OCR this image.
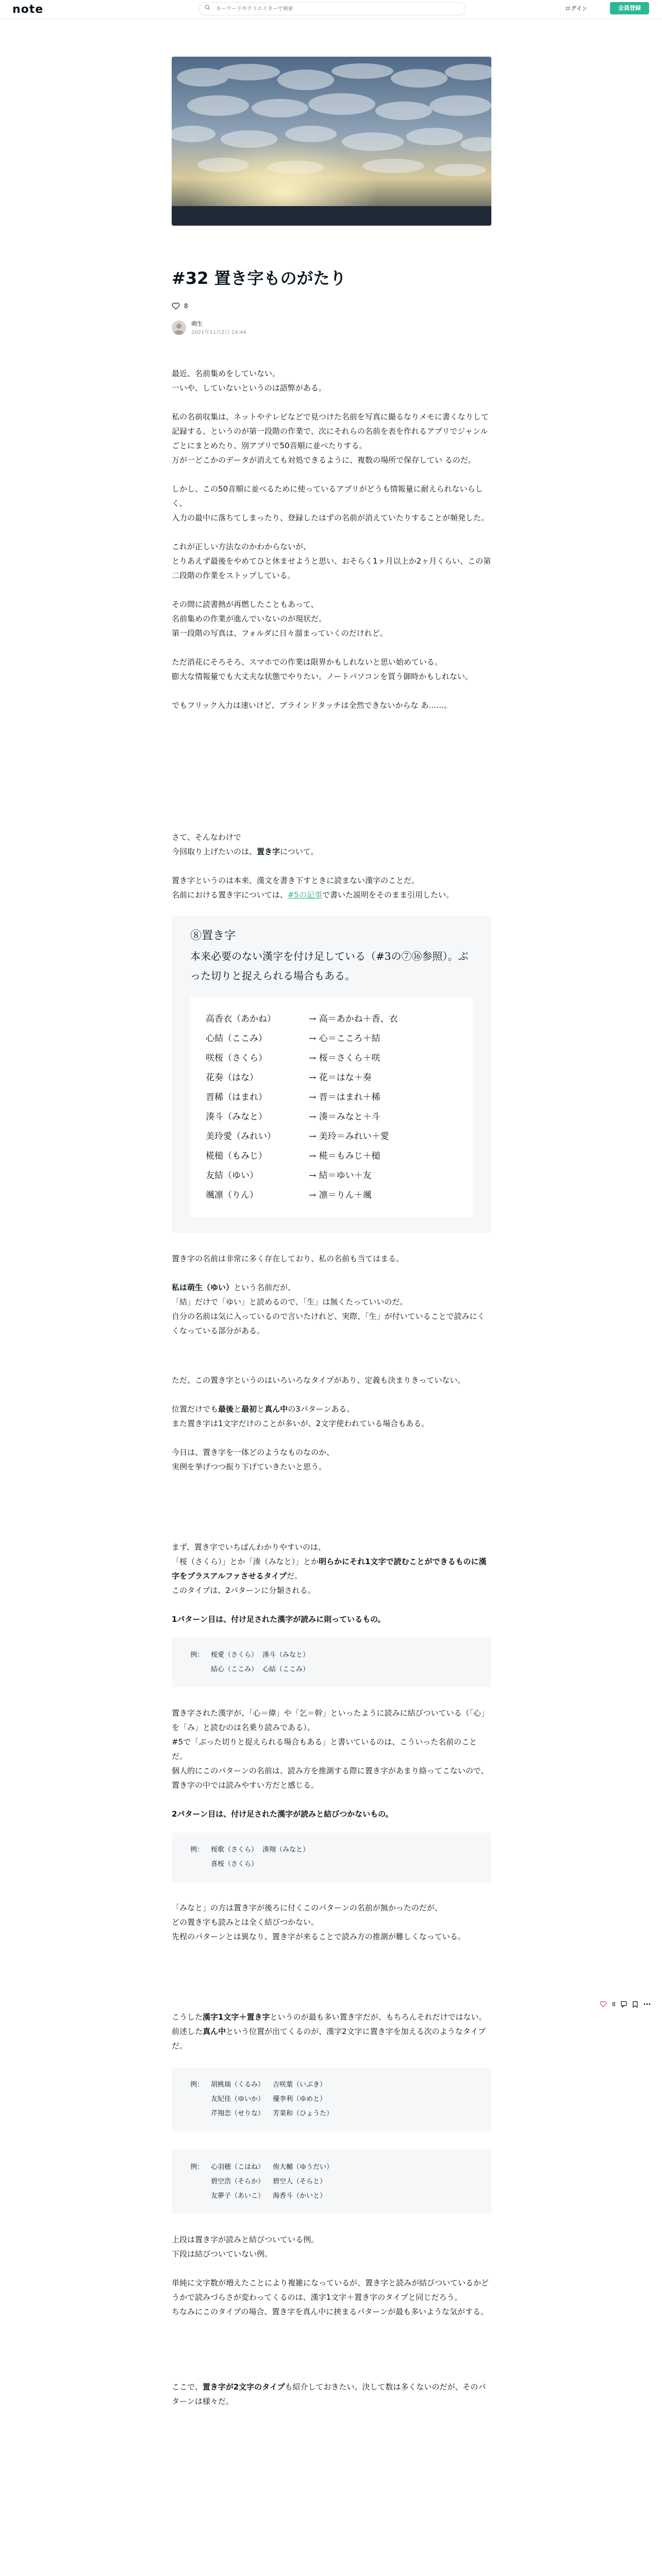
note
キーワードやクリエイターで検索	ログイン	会員登録
#32 置き字ものがたり
8
萌生
2021年11月2日 14:44

最近、名前集めをしていない。
一いや、していないというのは語弊がある。

私の名前収集は、ネットやテレビなどで見つけた名前を写真に撮るなりメモに書くなりして記録する、というのが第一段階の作業で、次にそれらの名前を表を作れるアプリでジャンルごとにまとめたり、別アプリで50音順に並べたりする。
万が一どこかのデータが消えても対処できるように、複数の場所で保存してい るのだ。

しかし、この50音順に並べるために使っているアプリがどうも情報量に耐えられないらしく、
入力の最中に落ちてしまったり、登録したはずの名前が消えていたりすることが頻発した。

これが正しい方法なのかわからないが、
とりあえず最後をやめてひと休ませようと思い、おそらく1ヶ月以上か2ヶ月くらい、この第二段階の作業をストップしている。

その間に読書熱が再燃したこともあって、
名前集めの作業が進んでいないのが現状だ。
第一段階の写真は、フォルダに日々溜まっていくのだけれど。

ただ消花にそろそろ、スマホでの作業は限界かもしれないと思い始めている。
膨大な情報量でも大丈夫な状態でやりたい。ノートパソコンを買う御時かもしれない。

でもフリック入力は速いけど、ブラインドタッチは全然できないからな あ……。

さて、そんなわけで
今回取り上げたいのは、置き字について。

置き字というのは本来、漢文を書き下すときに読まない漢字のことだ。
名前における置き字については、#5の記事で書いた説明をそのまま引用したい。

⑧置き字
本来必要のない漢字を付け足している（#3の⑦⑯参照）。ぶった切りと捉えられる場合もある。
高香衣（あかね）	→ 高＝あかね＋香、衣
心結（ここみ）	→ 心＝こころ＋結
咲桜（さくら）	→ 桜＝さくら＋咲
花奏（はな）	→ 花＝はな＋奏
晋稀（はまれ）	→ 晋＝はまれ＋稀
湊斗（みなと）	→ 湊＝みなと＋斗
美玲愛（みれい）	→ 美玲＝みれい＋愛
椛槌（もみじ）	→ 椛＝もみじ＋槌
友結（ゆい）	→ 結＝ゆい＋友
颯凛（りん）	→ 凛＝りん＋颯

置き字の名前は非常に多く存在しており、私の名前も当てはまる。

私は萌生（ゆい）という名前だが、
「結」だけで「ゆい」と読めるので、「生」は無くたっていいのだ。
自分の名前は気に入っているので言いたけれど、実際、「生」が付いていることで読みにくくなっている部分がある。

ただ、この置き字というのはいろいろなタイプがあり、定義も決まりきっていない。

位置だけでも最後と最初と真ん中の3パターンある。
また置き字は1文字だけのことが多いが、2文字使われている場合もある。

今日は、置き字を一体どのようなものなのか、
実例を挙げつつ振り下げていきたいと思う。

まず、置き字でいちばんわかりやすいのは、
「桜（さくら）」とか「湊（みなと）」とか明らかにそれ1文字で読むことができるものに漢字をプラスアルファさせるタイプだ。
このタイプは、2パターンに分類される。

1パターン目は、付け足された漢字が読みに則っているもの。
例： 桜愛（さくら） 湊斗（みなと）
結心（ここみ） 心結（ここみ）

置き字された漢字が、「心＝偉」や「乞＝幹」といったように読みに結びついている（「心」を「み」と読むのは名乗り読みである）。
#5で「ぶった切りと捉えられる場合もある」と書いているのは、こういった名前のことだ。
個人的にこのパターンの名前は、読み方を推測する際に置き字があまり絡ってこないので、置き字の中では読みやすい方だと感じる。

2パターン目は、付け足された漢字が読みと結びつかないもの。
例： 桜歌（さくら） 湊翔（みなと）
喜桜（さくら）

「みなと」の方は置き字が後ろに付くこのパターンの名前が無かったのだが、
どの置き字も読みとは全く結びつかない。
先程のパターンとは異なり、置き字が来ることで読み方の推測が難しくなっている。

こうした漢字1文字＋置き字というのが最も多い置き字だが、もちろんそれだけではない。
前述した真ん中という位置が出てくるのが、漢字2文字に置き字を加える次のようなタイプだ。

例： 胡桃瑞（くるみ） 吉咲葉（いぶき）
友紀佳（ゆいか） 優李利（ゆめと）
芹翔恋（せりな） 芳菜和（ひょうた）
例： 心羽穂（こはね） 侑大輔（ゆうだい）
碧空浩（そらか） 碧空人（そらと）
友夢子（あいこ） 海香斗（かいと）

上段は置き字が読みと結びついている例。
下段は結びついていない例。

単純に文字数が増えたことにより複雑になっているが、置き字と読みが結びついているかどうかで読みづらさが変わってくるのは、漢字1文字＋置き字のタイプと同じだろう。
ちなみにこのタイプの場合、置き字を真ん中に挟まるパターンが最も多いような気がする。

ここで、置き字が2文字のタイプも紹介しておきたい。決して数は多くないのだが、そのパターンは様々だ。

8
